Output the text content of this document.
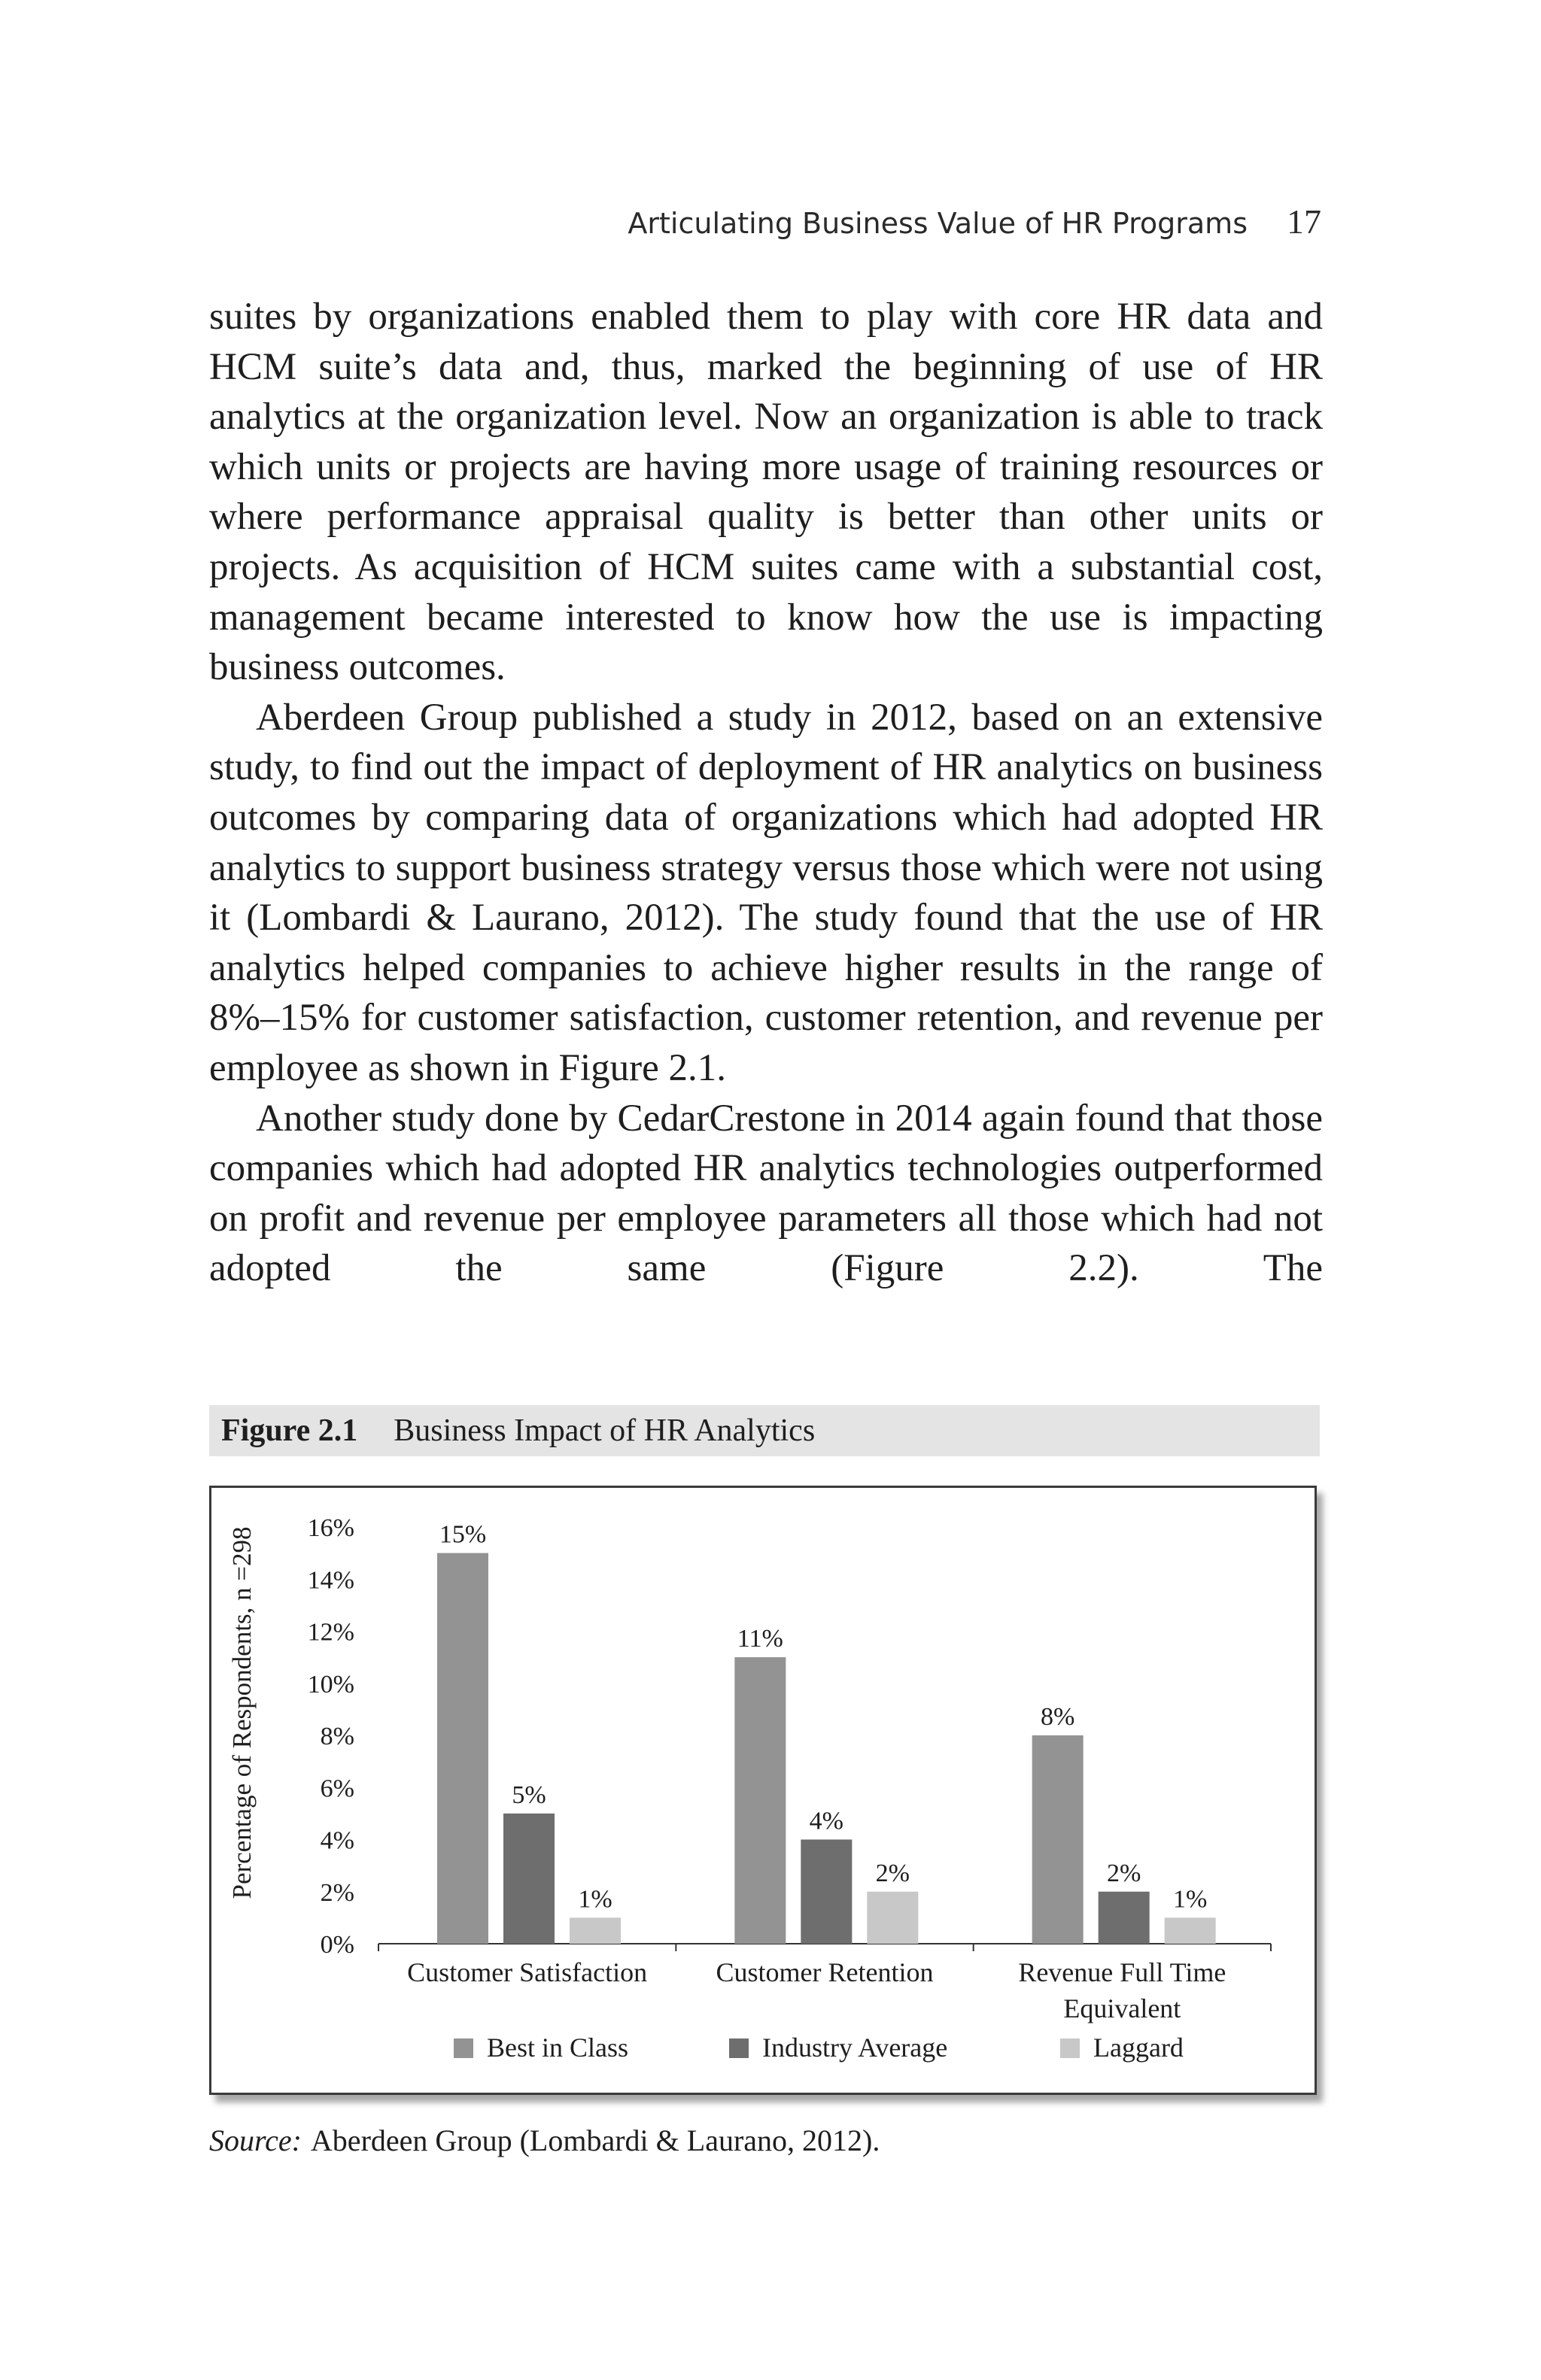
Articulating Business Value of HR Programs 17

suites by organizations enabled them to play with core HR data and HCM suite’s data and, thus, marked the beginning of use of HR analytics at the organization level. Now an organization is able to track which units or projects are having more usage of training resources or where performance appraisal quality is better than other units or projects. As acquisition of HCM suites came with a substantial cost, management became interested to know how the use is impacting business outcomes.

Aberdeen Group published a study in 2012, based on an extensive study, to find out the impact of deployment of HR analytics on business outcomes by comparing data of organizations which had adopted HR analytics to support business strategy versus those which were not using it (Lombardi & Laurano, 2012). The study found that the use of HR analytics helped companies to achieve higher results in the range of 8%–15% for customer satisfaction, customer retention, and revenue per employee as shown in Figure 2.1.

Another study done by CedarCrestone in 2014 again found that those companies which had adopted HR analytics technologies outperformed on profit and revenue per employee parameters all those which had not adopted the same (Figure 2.2). The

Figure 2.1 Business Impact of HR Analytics
Percentage of Respondents, n =298
0%
2%
4%
6%
8%
10%
12%
14%
16%	15%
5%
1%
Customer Satisfaction
11%
4%
2%
Customer Retention
8%
2%
1%
Revenue Full Time
Equivalent
Best in Class	Industry Average	Laggard
Source: Aberdeen Group (Lombardi & Laurano, 2012).
